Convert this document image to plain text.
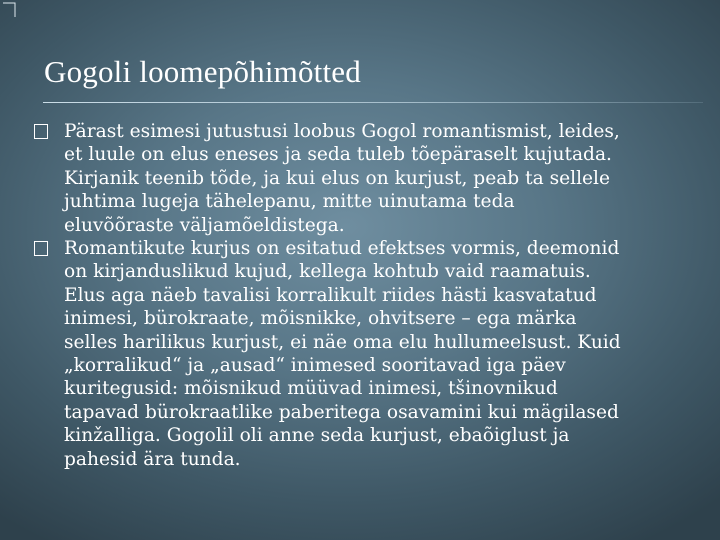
Gogoli loomepõhimõtted
Pärast esimesi jutustusi loobus Gogol romantismist, leides,
et luule on elus eneses ja seda tuleb tõepäraselt kujutada.
Kirjanik teenib tõde, ja kui elus on kurjust, peab ta sellele
juhtima lugeja tähelepanu, mitte uinutama teda
eluvõõraste väljamõeldistega.
Romantikute kurjus on esitatud efektses vormis, deemonid
on kirjanduslikud kujud, kellega kohtub vaid raamatuis.
Elus aga näeb tavalisi korralikult riides hästi kasvatatud
inimesi, bürokraate, mõisnikke, ohvitsere – ega märka
selles harilikus kurjust, ei näe oma elu hullumeelsust. Kuid
„korralikud“ ja „ausad“ inimesed sooritavad iga päev
kuritegusid: mõisnikud müüvad inimesi, tšinovnikud
tapavad bürokraatlike paberitega osavamini kui mägilased
kinžalliga. Gogolil oli anne seda kurjust, ebaõiglust ja
pahesid ära tunda.
